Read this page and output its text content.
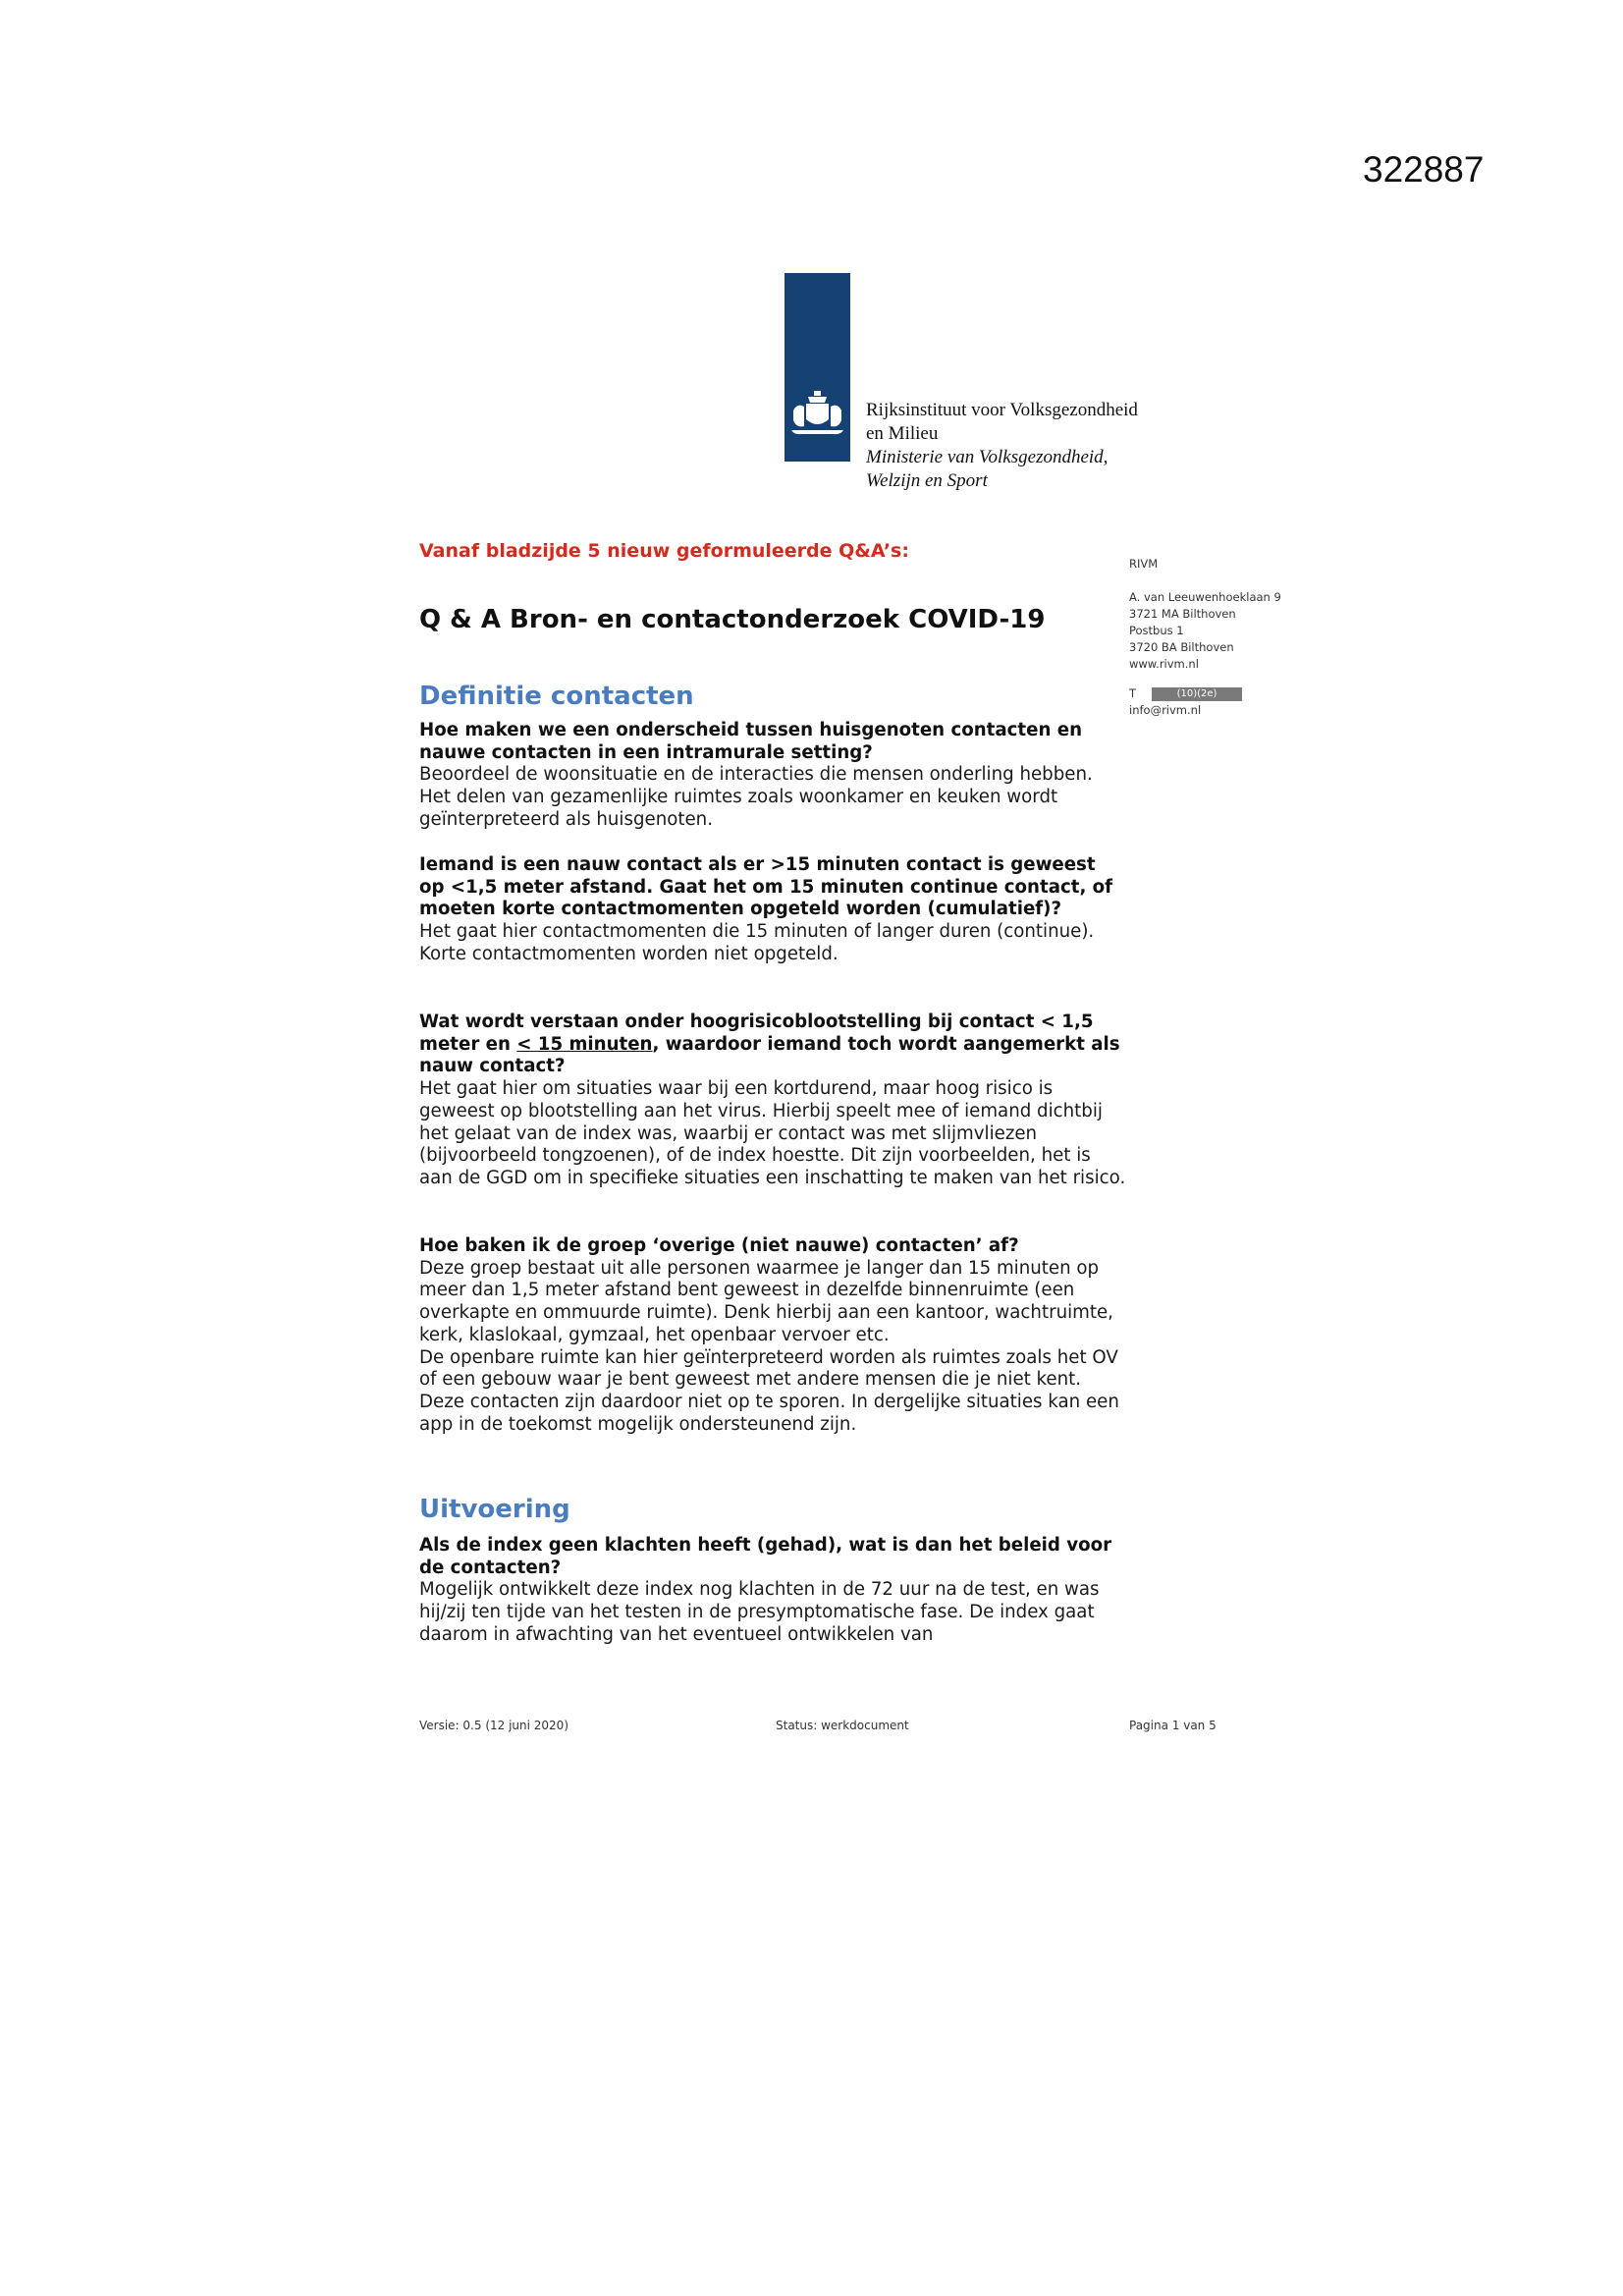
322887
Rijksinstituut voor Volksgezondheid
en Milieu
Ministerie van Volksgezondheid,
Welzijn en Sport
Vanaf bladzijde 5 nieuw geformuleerde Q&A’s:
Q & A Bron- en contactonderzoek COVID-19
RIVM
A. van Leeuwenhoeklaan 9
3721 MA Bilthoven
Postbus 1
3720 BA Bilthoven
www.rivm.nl
T	(10)(2e)
info@rivm.nl
Definitie contacten

Hoe maken we een onderscheid tussen huisgenoten contacten en nauwe contacten in een intramurale setting?

Beoordeel de woonsituatie en de interacties die mensen onderling hebben. Het delen van gezamenlijke ruimtes zoals woonkamer en keuken wordt geïnterpreteerd als huisgenoten.

Iemand is een nauw contact als er >15 minuten contact is geweest op <1,5 meter afstand. Gaat het om 15 minuten continue contact, of moeten korte contactmomenten opgeteld worden (cumulatief)?

Het gaat hier contactmomenten die 15 minuten of langer duren (continue). Korte contactmomenten worden niet opgeteld.

Wat wordt verstaan onder hoogrisicoblootstelling bij contact < 1,5 meter en < 15 minuten, waardoor iemand toch wordt aangemerkt als nauw contact?

Het gaat hier om situaties waar bij een kortdurend, maar hoog risico is geweest op blootstelling aan het virus. Hierbij speelt mee of iemand dichtbij het gelaat van de index was, waarbij er contact was met slijmvliezen (bijvoorbeeld tongzoenen), of de index hoestte. Dit zijn voorbeelden, het is aan de GGD om in specifieke situaties een inschatting te maken van het risico.

Hoe baken ik de groep ‘overige (niet nauwe) contacten’ af?

Deze groep bestaat uit alle personen waarmee je langer dan 15 minuten op meer dan 1,5 meter afstand bent geweest in dezelfde binnenruimte (een overkapte en ommuurde ruimte). Denk hierbij aan een kantoor, wachtruimte, kerk, klaslokaal, gymzaal, het openbaar vervoer etc.

De openbare ruimte kan hier geïnterpreteerd worden als ruimtes zoals het OV of een gebouw waar je bent geweest met andere mensen die je niet kent. Deze contacten zijn daardoor niet op te sporen. In dergelijke situaties kan een app in de toekomst mogelijk ondersteunend zijn.

Uitvoering

Als de index geen klachten heeft (gehad), wat is dan het beleid voor de contacten?

Mogelijk ontwikkelt deze index nog klachten in de 72 uur na de test, en was hij/zij ten tijde van het testen in de presymptomatische fase. De index gaat daarom in afwachting van het eventueel ontwikkelen van

Versie: 0.5 (12 juni 2020)	Status: werkdocument	Pagina 1 van 5
